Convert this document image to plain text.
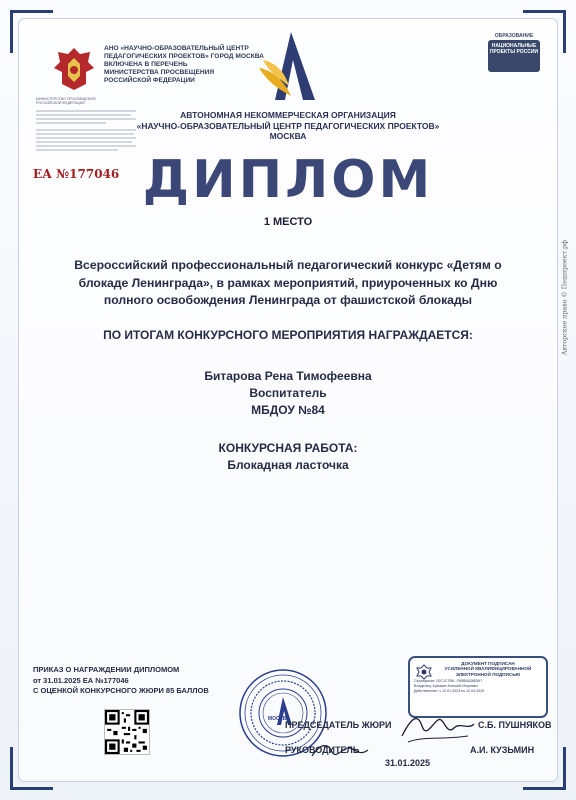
АНО «НАУЧНО-ОБРАЗОВАТЕЛЬНЫЙ ЦЕНТР
ПЕДАГОГИЧЕСКИХ ПРОЕКТОВ» ГОРОД МОСКВА
ВКЛЮЧЕНА В ПЕРЕЧЕНЬ
МИНИСТЕРСТВА ПРОСВЕЩЕНИЯ
РОССИЙСКОЙ ФЕДЕРАЦИИ
МИНИСТЕРСТВО ПРОСВЕЩЕНИЯ РОССИЙСКОЙ ФЕДЕРАЦИИ
ОБРАЗОВАНИЕ
НАЦИОНАЛЬНЫЕ ПРОЕКТЫ РОССИИ
АВТОНОМНАЯ НЕКОММЕРЧЕСКАЯ ОРГАНИЗАЦИЯ
«НАУЧНО-ОБРАЗОВАТЕЛЬНЫЙ ЦЕНТР ПЕДАГОГИЧЕСКИХ ПРОЕКТОВ»
МОСКВА
ЕА №177046 ДИПЛОМ
1 МЕСТО
Всероссийский профессиональный педагогический конкурс «Детям о
блокаде Ленинграда», в рамках мероприятий, приуроченных ко Дню
полного освобождения Ленинграда от фашистской блокады
ПО ИТОГАМ КОНКУРСНОГО МЕРОПРИЯТИЯ НАГРАЖДАЕТСЯ:
Битарова Рена Тимофеевна
Воспитатель
МБДОУ №84
КОНКУРСНАЯ РАБОТА:
Блокадная ласточка
Авторское право © Пешпроект.рф
ПРИКАЗ О НАГРАЖДЕНИИ ДИПЛОМОМ
от 31.01.2025 ЕА №177046
С ОЦЕНКОЙ КОНКУРСНОГО ЖЮРИ 85 БАЛЛОВ
МОСКВА
ПРЕДСЕДАТЕЛЬ ЖЮРИ	С.Б. ПУШНЯКОВ
РУКОВОДИТЕЛЬ	А.И. КУЗЬМИН
31.01.2025
ДОКУМЕНТ ПОДПИСАН
УСИЛЕННОЙ КВАЛИФИЦИРОВАННОЙ
ЭЛЕКТРОННОЙ ПОДПИСЬЮ
Сертификат: 02C1C7B6...F89B5A38E597
Владелец: Кузьмин Алексей Игоревич
Действителен: с 12.01.2024 по 12.04.2025
